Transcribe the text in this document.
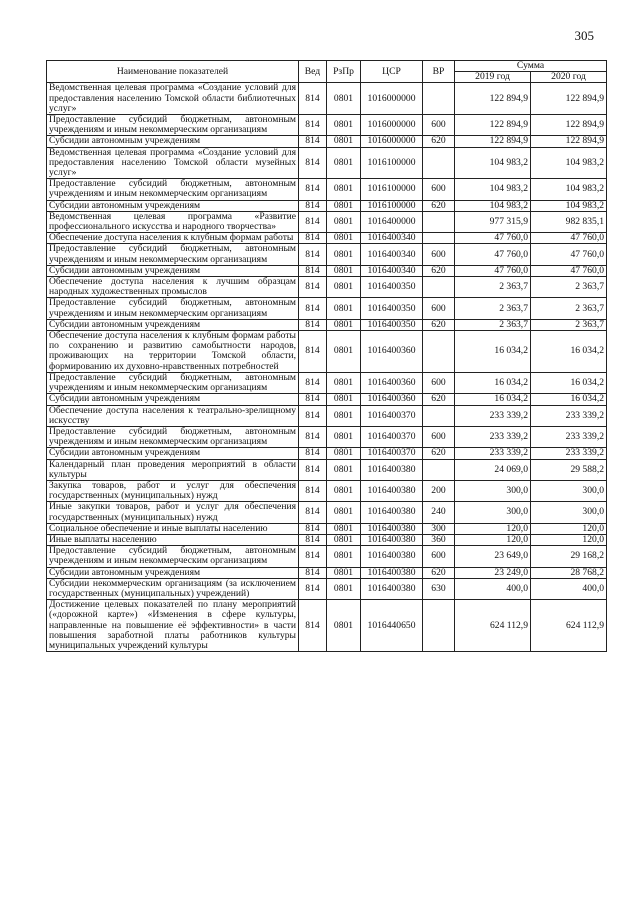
305
Наименование показателей	Вед	РзПр	ЦСР	ВР	Сумма	
					2019 год	2020 год
Ведомственная целевая программа «Создание условий для предоставления населению Томской области библиотечных услуг»	814	0801	1016000000		122 894,9	122 894,9
Предоставление субсидий бюджетным, автономным учреждениям и иным некоммерческим организациям	814	0801	1016000000	600	122 894,9	122 894,9
Субсидии автономным учреждениям	814	0801	1016000000	620	122 894,9	122 894,9
Ведомственная целевая программа «Создание условий для предоставления населению Томской области музейных услуг»	814	0801	1016100000		104 983,2	104 983,2
Предоставление субсидий бюджетным, автономным учреждениям и иным некоммерческим организациям	814	0801	1016100000	600	104 983,2	104 983,2
Субсидии автономным учреждениям	814	0801	1016100000	620	104 983,2	104 983,2
Ведомственная целевая программа «Развитие профессионального искусства и народного творчества»	814	0801	1016400000		977 315,9	982 835,1
Обеспечение доступа населения к клубным формам работы	814	0801	1016400340		47 760,0	47 760,0
Предоставление субсидий бюджетным, автономным учреждениям и иным некоммерческим организациям	814	0801	1016400340	600	47 760,0	47 760,0
Субсидии автономным учреждениям	814	0801	1016400340	620	47 760,0	47 760,0
Обеспечение доступа населения к лучшим образцам народных художественных промыслов	814	0801	1016400350		2 363,7	2 363,7
Предоставление субсидий бюджетным, автономным учреждениям и иным некоммерческим организациям	814	0801	1016400350	600	2 363,7	2 363,7
Субсидии автономным учреждениям	814	0801	1016400350	620	2 363,7	2 363,7
Обеспечение доступа населения к клубным формам работы по сохранению и развитию самобытности народов, проживающих на территории Томской области, формированию их духовно-нравственных потребностей	814	0801	1016400360		16 034,2	16 034,2
Предоставление субсидий бюджетным, автономным учреждениям и иным некоммерческим организациям	814	0801	1016400360	600	16 034,2	16 034,2
Субсидии автономным учреждениям	814	0801	1016400360	620	16 034,2	16 034,2
Обеспечение доступа населения к театрально-зрелищному искусству	814	0801	1016400370		233 339,2	233 339,2
Предоставление субсидий бюджетным, автономным учреждениям и иным некоммерческим организациям	814	0801	1016400370	600	233 339,2	233 339,2
Субсидии автономным учреждениям	814	0801	1016400370	620	233 339,2	233 339,2
Календарный план проведения мероприятий в области культуры	814	0801	1016400380		24 069,0	29 588,2
Закупка товаров, работ и услуг для обеспечения государственных (муниципальных) нужд	814	0801	1016400380	200	300,0	300,0
Иные закупки товаров, работ и услуг для обеспечения государственных (муниципальных) нужд	814	0801	1016400380	240	300,0	300,0
Социальное обеспечение и иные выплаты населению	814	0801	1016400380	300	120,0	120,0
Иные выплаты населению	814	0801	1016400380	360	120,0	120,0
Предоставление субсидий бюджетным, автономным учреждениям и иным некоммерческим организациям	814	0801	1016400380	600	23 649,0	29 168,2
Субсидии автономным учреждениям	814	0801	1016400380	620	23 249,0	28 768,2
Субсидии некоммерческим организациям (за исключением государственных (муниципальных) учреждений)	814	0801	1016400380	630	400,0	400,0
Достижение целевых показателей по плану мероприятий («дорожной карте») «Изменения в сфере культуры, направленные на повышение её эффективности» в части повышения заработной платы работников культуры муниципальных учреждений культуры	814	0801	1016440650		624 112,9	624 112,9
